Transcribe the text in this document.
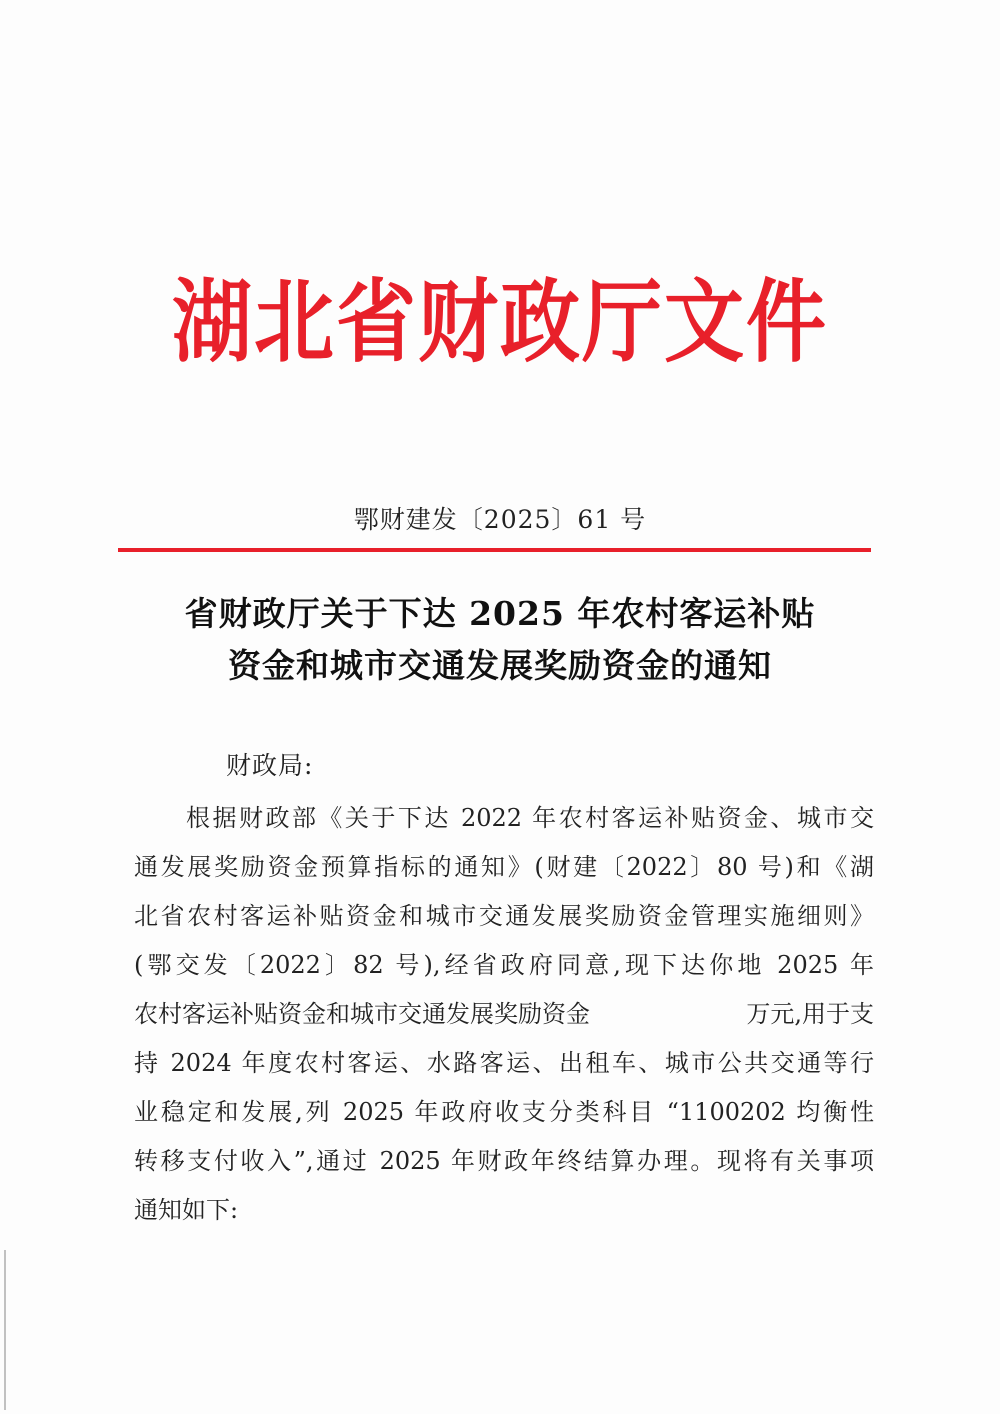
湖北省财政厅文件
鄂财建发〔2025〕61 号
省财政厅关于下达 2025 年农村客运补贴
资金和城市交通发展奖励资金的通知
财政局:
根据财政部《关于下达 2022 年农村客运补贴资金、城市交
通发展奖励资金预算指标的通知》(财建〔2022〕80 号)和《湖
北省农村客运补贴资金和城市交通发展奖励资金管理实施细则》
(鄂交发〔2022〕82 号),经省政府同意,现下达你地 2025 年
农村客运补贴资金和城市交通发展奖励资金	万元,用于支
持 2024 年度农村客运、水路客运、出租车、城市公共交通等行
业稳定和发展,列 2025 年政府收支分类科目 “1100202 均衡性
转移支付收入”,通过 2025 年财政年终结算办理。现将有关事项
通知如下:
